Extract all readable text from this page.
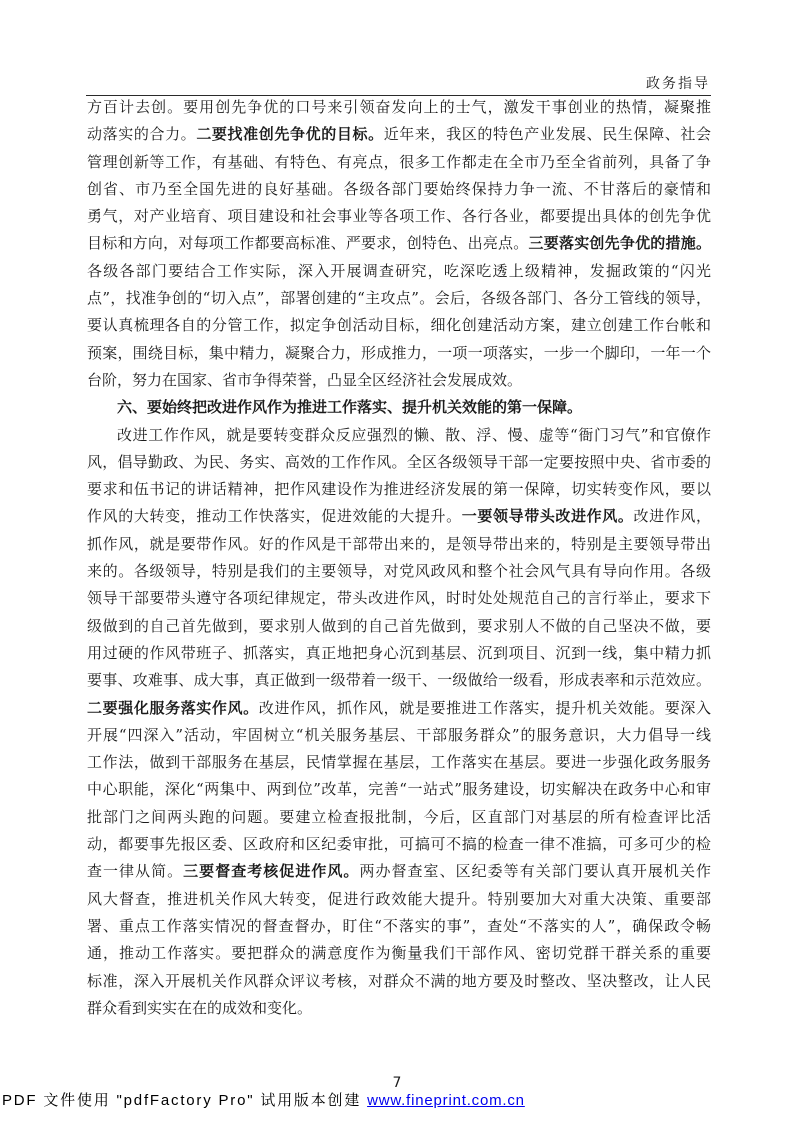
政务指导
方百计去创。要用创先争优的口号来引领奋发向上的士气，激发干事创业的热情，凝聚推
动落实的合力。二要找准创先争优的目标。近年来，我区的特色产业发展、民生保障、社会
管理创新等工作，有基础、有特色、有亮点，很多工作都走在全市乃至全省前列，具备了争
创省、市乃至全国先进的良好基础。各级各部门要始终保持力争一流、不甘落后的豪情和
勇气，对产业培育、项目建设和社会事业等各项工作、各行各业，都要提出具体的创先争优
目标和方向，对每项工作都要高标准、严要求，创特色、出亮点。三要落实创先争优的措施。
各级各部门要结合工作实际，深入开展调查研究，吃深吃透上级精神，发掘政策的“闪光
点”，找准争创的“切入点”，部署创建的“主攻点”。会后，各级各部门、各分工管线的领导，
要认真梳理各自的分管工作，拟定争创活动目标，细化创建活动方案，建立创建工作台帐和
预案，围绕目标，集中精力，凝聚合力，形成推力，一项一项落实，一步一个脚印，一年一个
台阶，努力在国家、省市争得荣誉，凸显全区经济社会发展成效。
六、要始终把改进作风作为推进工作落实、提升机关效能的第一保障。
改进工作作风，就是要转变群众反应强烈的懒、散、浮、慢、虚等“衙门习气”和官僚作
风，倡导勤政、为民、务实、高效的工作作风。全区各级领导干部一定要按照中央、省市委的
要求和伍书记的讲话精神，把作风建设作为推进经济发展的第一保障，切实转变作风，要以
作风的大转变，推动工作快落实，促进效能的大提升。一要领导带头改进作风。改进作风，
抓作风，就是要带作风。好的作风是干部带出来的，是领导带出来的，特别是主要领导带出
来的。各级领导，特别是我们的主要领导，对党风政风和整个社会风气具有导向作用。各级
领导干部要带头遵守各项纪律规定，带头改进作风，时时处处规范自己的言行举止，要求下
级做到的自己首先做到，要求别人做到的自己首先做到，要求别人不做的自己坚决不做，要
用过硬的作风带班子、抓落实，真正地把身心沉到基层、沉到项目、沉到一线，集中精力抓
要事、攻难事、成大事，真正做到一级带着一级干、一级做给一级看，形成表率和示范效应。
二要强化服务落实作风。改进作风，抓作风，就是要推进工作落实，提升机关效能。要深入
开展“四深入”活动，牢固树立“机关服务基层、干部服务群众”的服务意识，大力倡导一线
工作法，做到干部服务在基层，民情掌握在基层，工作落实在基层。要进一步强化政务服务
中心职能，深化“两集中、两到位”改革，完善“一站式”服务建设，切实解决在政务中心和审
批部门之间两头跑的问题。要建立检查报批制，今后，区直部门对基层的所有检查评比活
动，都要事先报区委、区政府和区纪委审批，可搞可不搞的检查一律不准搞，可多可少的检
查一律从简。三要督查考核促进作风。两办督查室、区纪委等有关部门要认真开展机关作
风大督查，推进机关作风大转变，促进行政效能大提升。特别要加大对重大决策、重要部
署、重点工作落实情况的督查督办，盯住“不落实的事”，查处“不落实的人”，确保政令畅
通，推动工作落实。要把群众的满意度作为衡量我们干部作风、密切党群干群关系的重要
标准，深入开展机关作风群众评议考核，对群众不满的地方要及时整改、坚决整改，让人民
群众看到实实在在的成效和变化。
7
PDF 文件使用 "pdfFactory Pro" 试用版本创建 www.fineprint.com.cn
